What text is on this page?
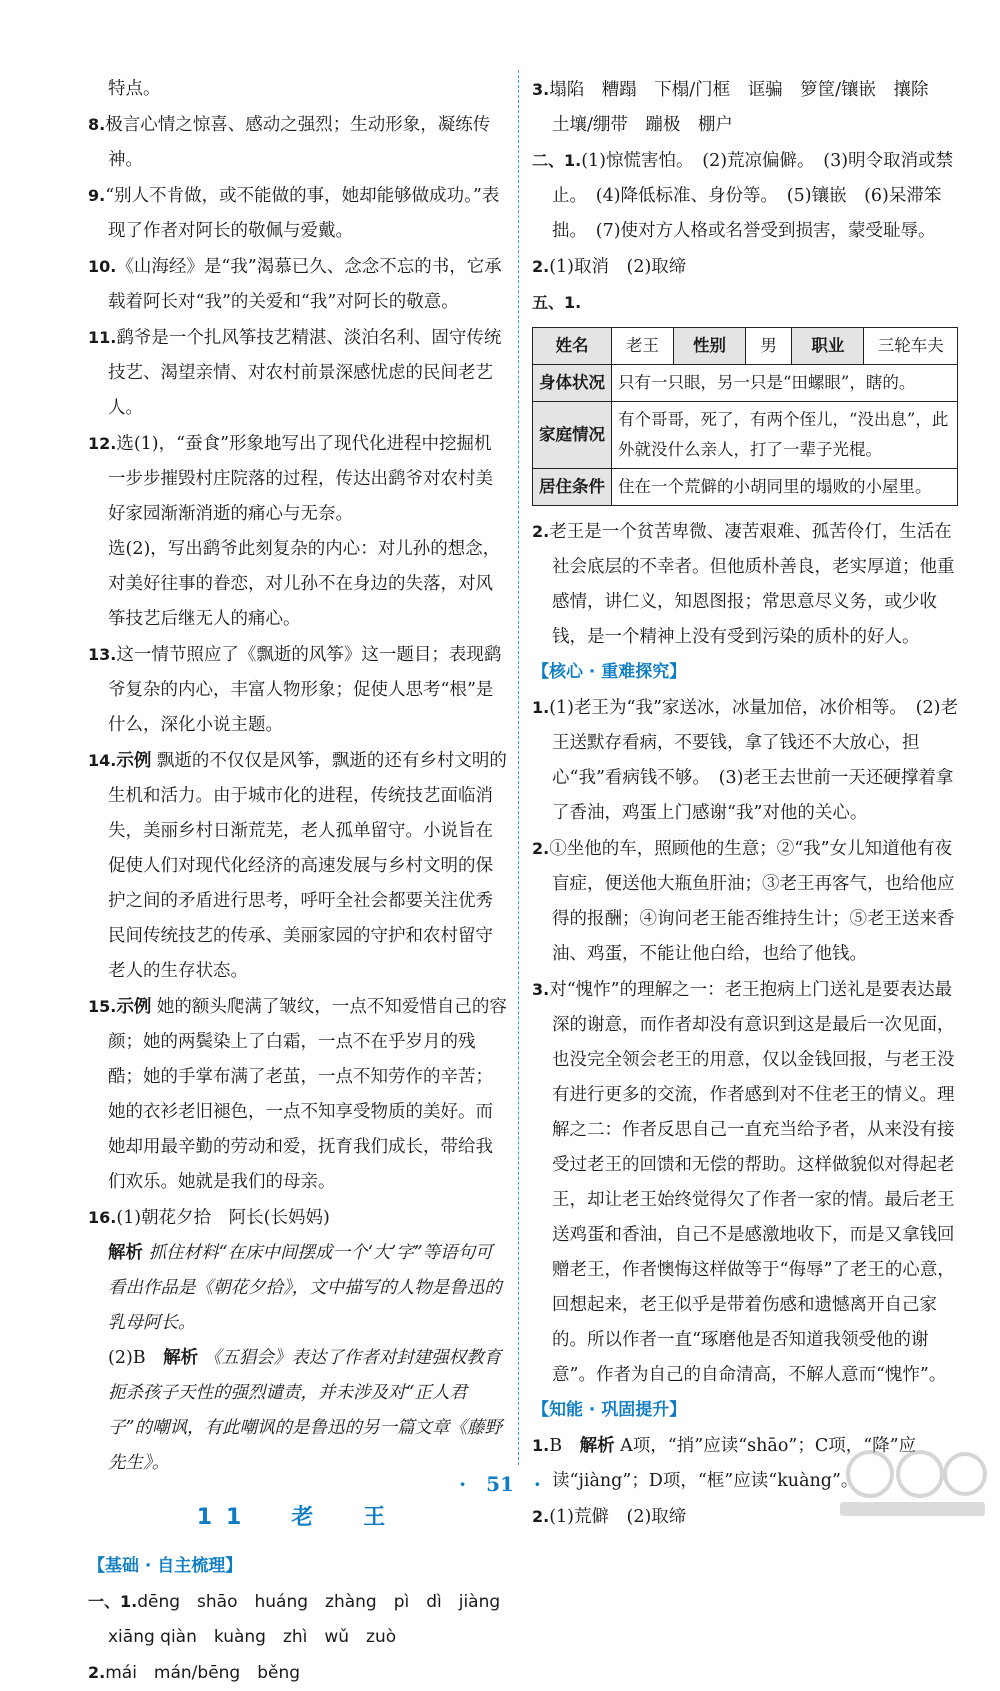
特点。

8.极言心情之惊喜、感动之强烈；生动形象，凝练传神。

9.“别人不肯做，或不能做的事，她却能够做成功。”表现了作者对阿长的敬佩与爱戴。

10.《山海经》是“我”渴慕已久、念念不忘的书，它承载着阿长对“我”的关爱和“我”对阿长的敬意。

11.鹞爷是一个扎风筝技艺精湛、淡泊名利、固守传统技艺、渴望亲情、对农村前景深感忧虑的民间老艺人。

12.选(1)，“蚕食”形象地写出了现代化进程中挖掘机一步步摧毁村庄院落的过程，传达出鹞爷对农村美好家园渐渐消逝的痛心与无奈。

选(2)，写出鹞爷此刻复杂的内心：对儿孙的想念，对美好往事的眷恋，对儿孙不在身边的失落，对风筝技艺后继无人的痛心。

13.这一情节照应了《飘逝的风筝》这一题目；表现鹞爷复杂的内心，丰富人物形象；促使人思考“根”是什么，深化小说主题。

14.示例 飘逝的不仅仅是风筝，飘逝的还有乡村文明的生机和活力。由于城市化的进程，传统技艺面临消失，美丽乡村日渐荒芜，老人孤单留守。小说旨在促使人们对现代化经济的高速发展与乡村文明的保护之间的矛盾进行思考，呼吁全社会都要关注优秀民间传统技艺的传承、美丽家园的守护和农村留守老人的生存状态。

15.示例 她的额头爬满了皱纹，一点不知爱惜自己的容颜；她的两鬓染上了白霜，一点不在乎岁月的残酷；她的手掌布满了老茧，一点不知劳作的辛苦；她的衣衫老旧褪色，一点不知享受物质的美好。而她却用最辛勤的劳动和爱，抚育我们成长，带给我们欢乐。她就是我们的母亲。

16.(1)朝花夕拾　阿长(长妈妈)

解析 抓住材料“在床中间摆成一个‘大’字”等语句可看出作品是《朝花夕拾》，文中描写的人物是鲁迅的乳母阿长。

(2)B　 解析 《五猖会》表达了作者对封建强权教育扼杀孩子天性的强烈谴责，并未涉及对“正人君子”的嘲讽，有此嘲讽的是鲁迅的另一篇文章《藤野先生》。

11　老　王

【基础 · 自主梳理】

一、1.dēng　shāo　huáng　zhàng　pì　dì　jiàng

xiāng qiàn　kuàng　zhì　wǔ　zuò

2.mái　mán/bēng　běng

3.塌陷　糟蹋　下榻/门框　诓骗　箩筐/镶嵌　攘除

土壤/绷带　蹦极　棚户

二、1.(1)惊慌害怕。　(2)荒凉偏僻。　(3)明令取消或禁止。　(4)降低标准、身份等。　(5)镶嵌　(6)呆滞笨拙。　(7)使对方人格或名誉受到损害，蒙受耻辱。

2.(1)取消　(2)取缔

五、1.

姓名	老王	性别	男	职业	三轮车夫
身体状况	只有一只眼，另一只是“田螺眼”，瞎的。				
家庭情况	有个哥哥，死了，有两个侄儿，“没出息”，此外就没什么亲人，打了一辈子光棍。				
居住条件	住在一个荒僻的小胡同里的塌败的小屋里。				

2.老王是一个贫苦卑微、凄苦艰难、孤苦伶仃，生活在社会底层的不幸者。但他质朴善良，老实厚道；他重感情，讲仁义，知恩图报；常思意尽义务，或少收钱，是一个精神上没有受到污染的质朴的好人。

【核心 · 重难探究】

1.(1)老王为“我”家送冰，冰量加倍，冰价相等。　(2)老王送默存看病，不要钱，拿了钱还不大放心，担心“我”看病钱不够。　(3)老王去世前一天还硬撑着拿了香油，鸡蛋上门感谢“我”对他的关心。

2.①坐他的车，照顾他的生意；②“我”女儿知道他有夜盲症，便送他大瓶鱼肝油；③老王再客气，也给他应得的报酬；④询问老王能否维持生计；⑤老王送来香油、鸡蛋，不能让他白给，也给了他钱。

3.对“愧怍”的理解之一：老王抱病上门送礼是要表达最深的谢意，而作者却没有意识到这是最后一次见面，也没完全领会老王的用意，仅以金钱回报，与老王没有进行更多的交流，作者感到对不住老王的情义。理解之二：作者反思自己一直充当给予者，从来没有接受过老王的回馈和无偿的帮助。这样做貌似对得起老王，却让老王始终觉得欠了作者一家的情。最后老王送鸡蛋和香油，自己不是感激地收下，而是又拿钱回赠老王，作者懊悔这样做等于“侮辱”了老王的心意，回想起来，老王似乎是带着伤感和遗憾离开自己家的。所以作者一直“琢磨他是否知道我领受他的谢意”。作者为自己的自命清高，不解人意而“愧怍”。

【知能 · 巩固提升】

1.B　 解析 A项，“捎”应读“shāo”；C项，“降”应读“jiàng”；D项，“框”应读“kuàng”。

2.(1)荒僻　(2)取缔

·　51　·
